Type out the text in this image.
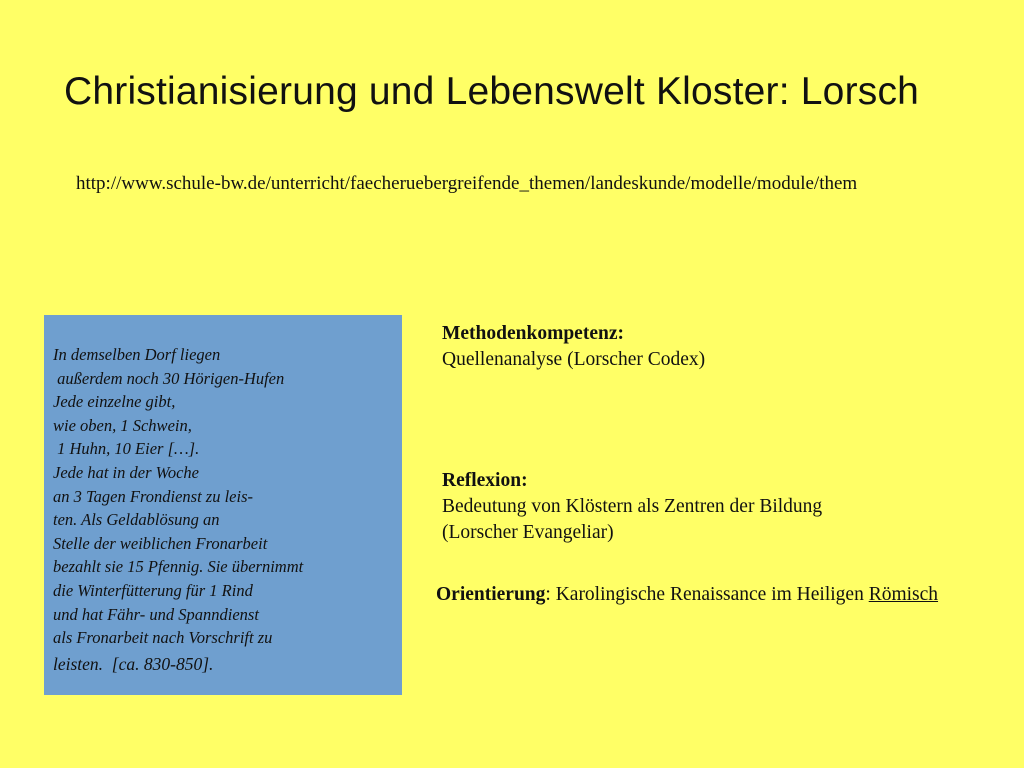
Christianisierung und Lebenswelt Kloster: Lorsch
http://www.schule-bw.de/unterricht/faecheruebergreifende_themen/landeskunde/modelle/module/them
In demselben Dorf liegen
außerdem noch 30 Hörigen-Hufen
Jede einzelne gibt,
wie oben, 1 Schwein,
1 Huhn, 10 Eier […].
Jede hat in der Woche
an 3 Tagen Frondienst zu leis-
ten. Als Geldablösung an
Stelle der weiblichen Fronarbeit
bezahlt sie 15 Pfennig. Sie übernimmt
die Winterfütterung für 1 Rind
und hat Fähr- und Spanndienst
als Fronarbeit nach Vorschrift zu
leisten.  [ca. 830-850].
Methodenkompetenz:
Quellenanalyse (Lorscher Codex)
Reflexion:
Bedeutung von Klöstern als Zentren der Bildung
(Lorscher Evangeliar)
Orientierung: Karolingische Renaissance im Heiligen Römisch
